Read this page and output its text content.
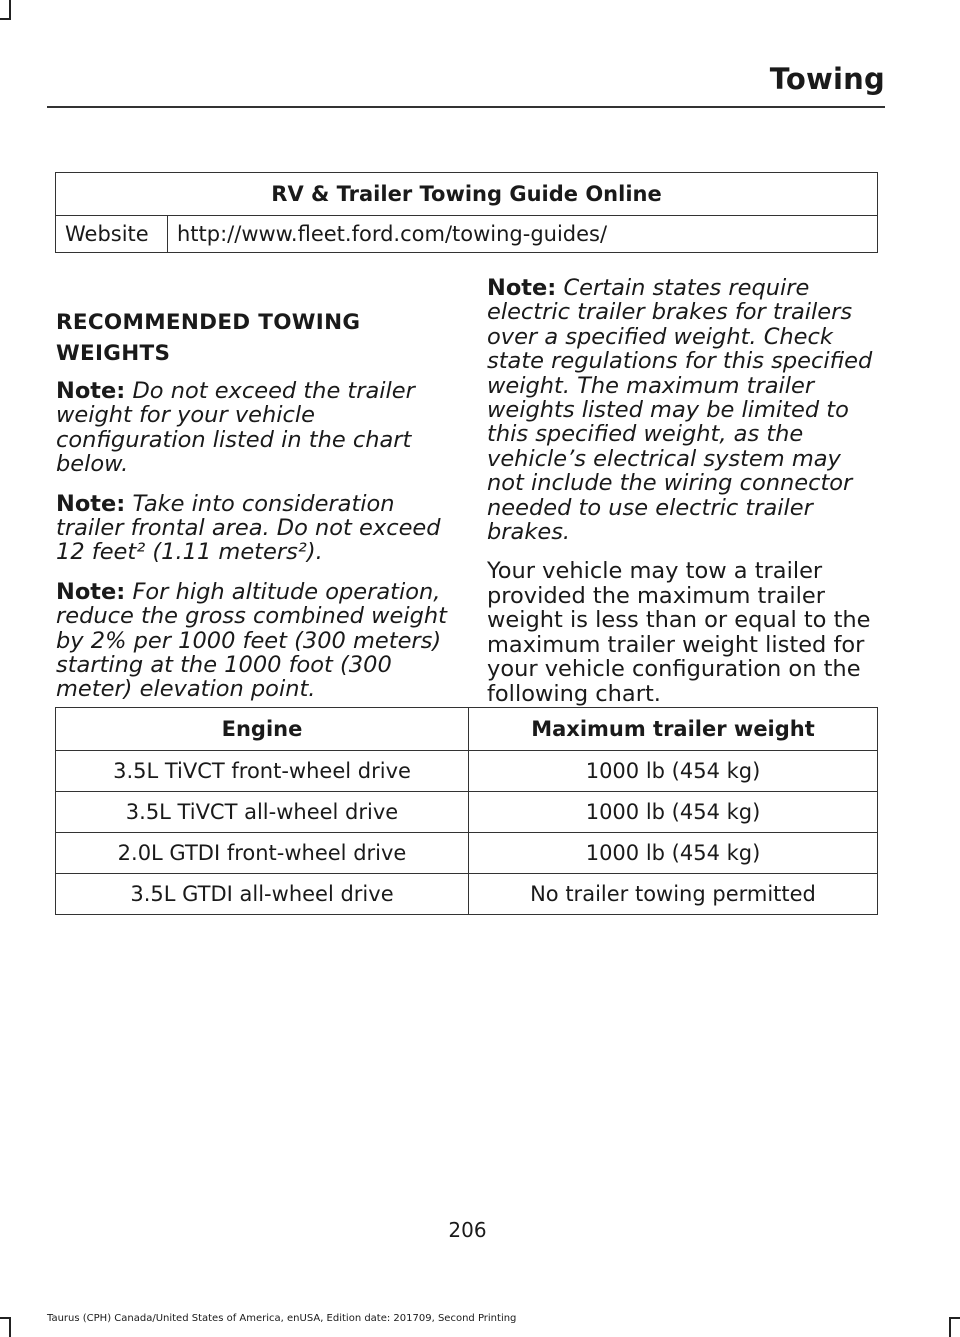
Towing
RV & Trailer Towing Guide Online
Website	http://www.fleet.ford.com/towing-guides/
RECOMMENDED TOWING
WEIGHTS

Note: Do not exceed the trailer weight for your vehicle configuration listed in the chart below.

Note: Take into consideration trailer frontal area. Do not exceed 12 feet² (1.11 meters²).

Note: For high altitude operation, reduce the gross combined weight by 2% per 1000 feet (300 meters) starting at the 1000 foot (300 meter) elevation point.

Note: Certain states require electric trailer brakes for trailers over a specified weight. Check state regulations for this specified weight. The maximum trailer weights listed may be limited to this specified weight, as the vehicle’s electrical system may not include the wiring connector needed to use electric trailer brakes.

Your vehicle may tow a trailer provided the maximum trailer weight is less than or equal to the maximum trailer weight listed for your vehicle configuration on the following chart.

Engine	Maximum trailer weight
3.5L TiVCT front-wheel drive	1000 lb (454 kg)
3.5L TiVCT all-wheel drive	1000 lb (454 kg)
2.0L GTDI front-wheel drive	1000 lb (454 kg)
3.5L GTDI all-wheel drive	No trailer towing permitted
206
Taurus (CPH) Canada/United States of America, enUSA, Edition date: 201709, Second Printing
